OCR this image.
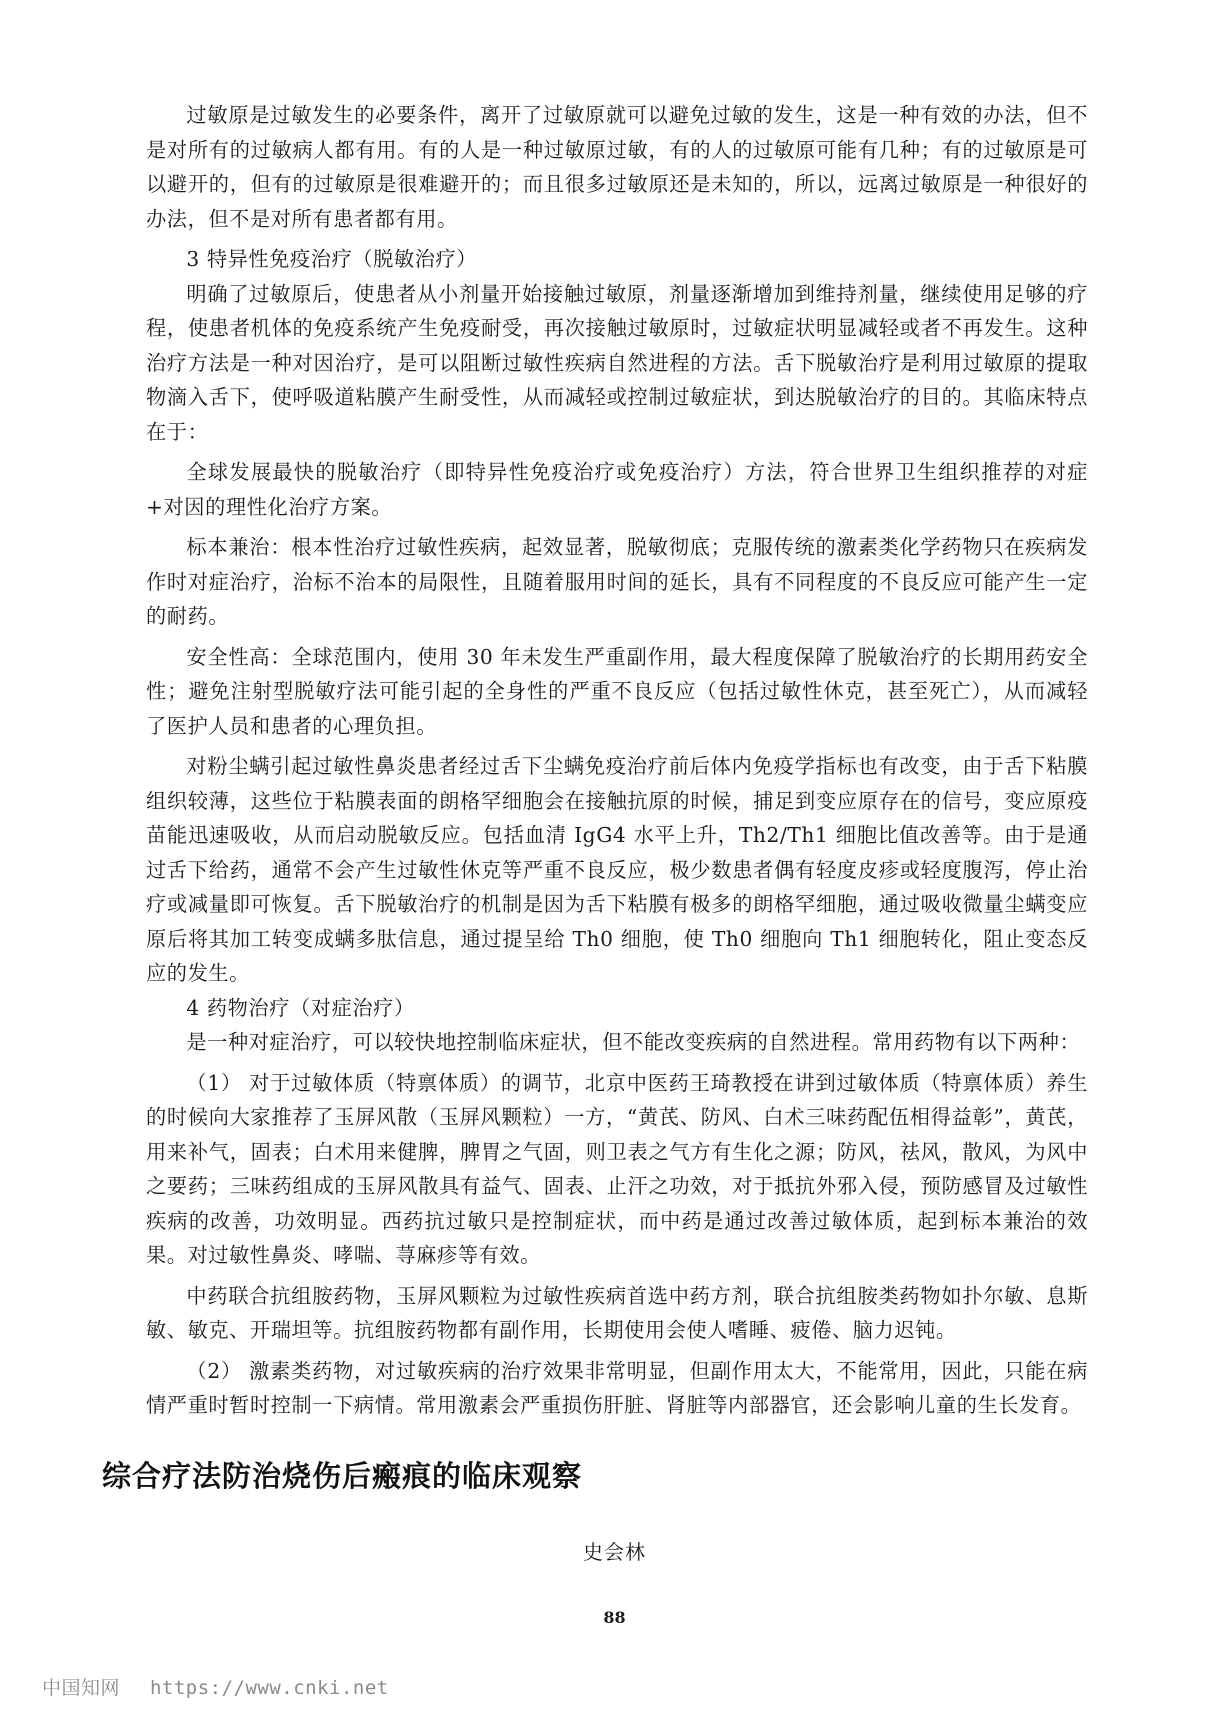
过敏原是过敏发生的必要条件，离开了过敏原就可以避免过敏的发生，这是一种有效的办法，但不是对所有的过敏病人都有用。有的人是一种过敏原过敏，有的人的过敏原可能有几种；有的过敏原是可以避开的，但有的过敏原是很难避开的；而且很多过敏原还是未知的，所以，远离过敏原是一种很好的办法，但不是对所有患者都有用。

3 特异性免疫治疗（脱敏治疗）

明确了过敏原后，使患者从小剂量开始接触过敏原，剂量逐渐增加到维持剂量，继续使用足够的疗程，使患者机体的免疫系统产生免疫耐受，再次接触过敏原时，过敏症状明显减轻或者不再发生。这种治疗方法是一种对因治疗，是可以阻断过敏性疾病自然进程的方法。舌下脱敏治疗是利用过敏原的提取物滴入舌下，使呼吸道粘膜产生耐受性，从而减轻或控制过敏症状，到达脱敏治疗的目的。其临床特点在于：

全球发展最快的脱敏治疗（即特异性免疫治疗或免疫治疗）方法，符合世界卫生组织推荐的对症 +对因的理性化治疗方案。

标本兼治：根本性治疗过敏性疾病，起效显著，脱敏彻底；克服传统的激素类化学药物只在疾病发作时对症治疗，治标不治本的局限性，且随着服用时间的延长，具有不同程度的不良反应可能产生一定的耐药。

安全性高：全球范围内，使用 30 年未发生严重副作用，最大程度保障了脱敏治疗的长期用药安全性；避免注射型脱敏疗法可能引起的全身性的严重不良反应（包括过敏性休克，甚至死亡），从而减轻了医护人员和患者的心理负担。

对粉尘螨引起过敏性鼻炎患者经过舌下尘螨免疫治疗前后体内免疫学指标也有改变，由于舌下粘膜组织较薄，这些位于粘膜表面的朗格罕细胞会在接触抗原的时候，捕足到变应原存在的信号，变应原疫苗能迅速吸收，从而启动脱敏反应。包括血清 IgG4 水平上升，Th2/Th1 细胞比值改善等。由于是通过舌下给药，通常不会产生过敏性休克等严重不良反应，极少数患者偶有轻度皮疹或轻度腹泻，停止治疗或减量即可恢复。舌下脱敏治疗的机制是因为舌下粘膜有极多的朗格罕细胞，通过吸收微量尘螨变应原后将其加工转变成螨多肽信息，通过提呈给 Th0 细胞，使 Th0 细胞向 Th1 细胞转化，阻止变态反应的发生。

4 药物治疗（对症治疗）

是一种对症治疗，可以较快地控制临床症状，但不能改变疾病的自然进程。常用药物有以下两种：

（1） 对于过敏体质（特禀体质）的调节，北京中医药王琦教授在讲到过敏体质（特禀体质）养生的时候向大家推荐了玉屏风散（玉屏风颗粒）一方，“黄芪、防风、白术三味药配伍相得益彰”，黄芪，用来补气，固表；白术用来健脾，脾胃之气固，则卫表之气方有生化之源；防风，祛风，散风，为风中之要药；三味药组成的玉屏风散具有益气、固表、止汗之功效，对于抵抗外邪入侵，预防感冒及过敏性疾病的改善，功效明显。西药抗过敏只是控制症状，而中药是通过改善过敏体质，起到标本兼治的效果。对过敏性鼻炎、哮喘、荨麻疹等有效。

中药联合抗组胺药物，玉屏风颗粒为过敏性疾病首选中药方剂，联合抗组胺类药物如扑尔敏、息斯敏、敏克、开瑞坦等。抗组胺药物都有副作用，长期使用会使人嗜睡、疲倦、脑力迟钝。

（2） 激素类药物，对过敏疾病的治疗效果非常明显，但副作用太大，不能常用，因此，只能在病情严重时暂时控制一下病情。常用激素会严重损伤肝脏、肾脏等内部器官，还会影响儿童的生长发育。

综合疗法防治烧伤后瘢痕的临床观察

史会林

88

中国知网 https://www.cnki.net
